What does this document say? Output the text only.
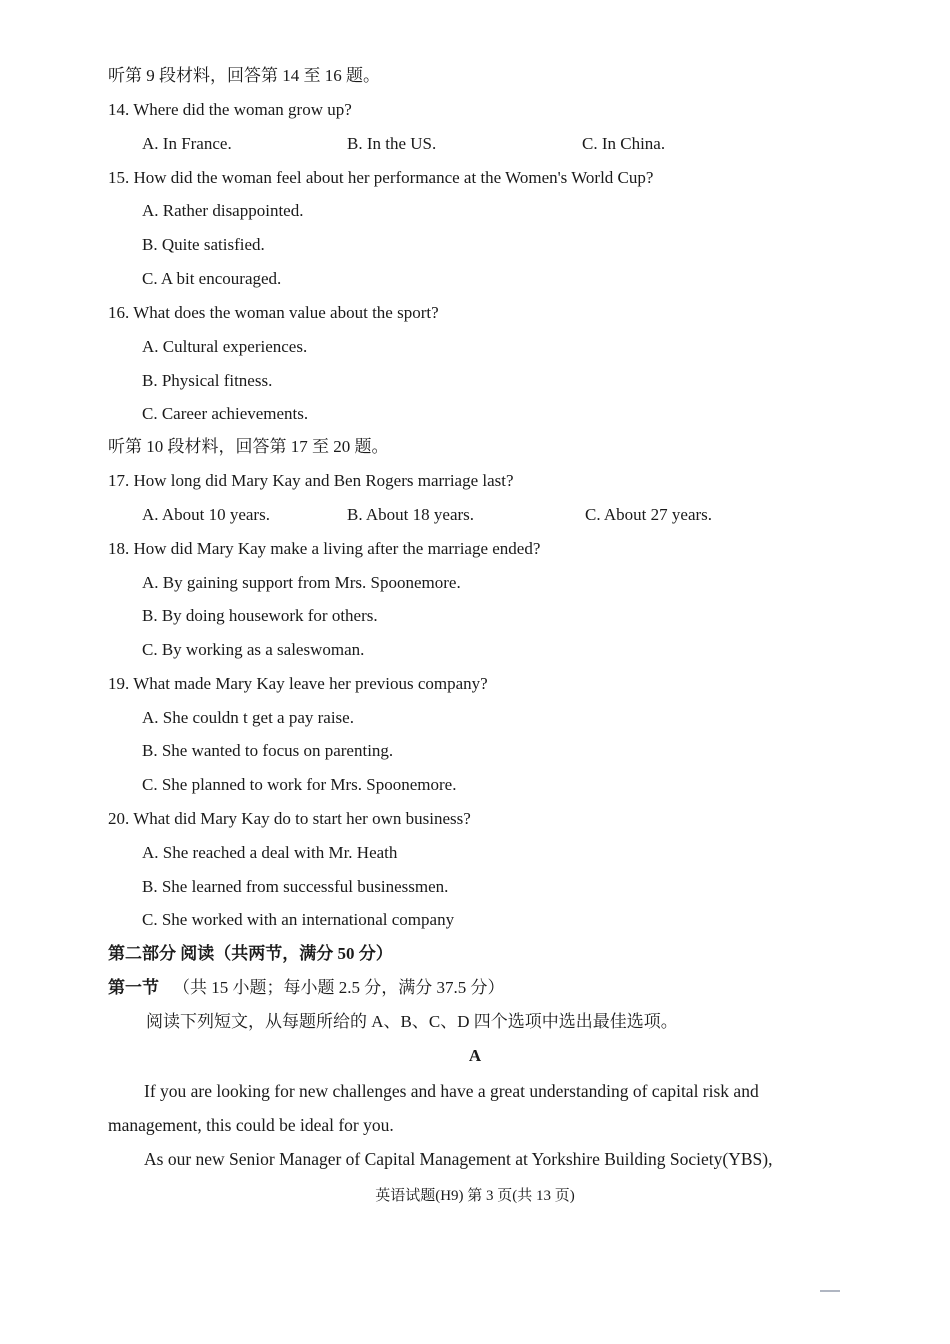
听第 9 段材料，回答第 14 至 16 题。
14. Where did the woman grow up?
A. In France.	B. In the US.	C. In China.
15. How did the woman feel about her performance at the Women's World Cup?
A. Rather disappointed.
B. Quite satisfied.
C. A bit encouraged.
16. What does the woman value about the sport?
A. Cultural experiences.
B. Physical fitness.
C. Career achievements.
听第 10 段材料，回答第 17 至 20 题。
17. How long did Mary Kay and Ben Rogers marriage last?
A. About 10 years.	B. About 18 years.	C. About 27 years.
18. How did Mary Kay make a living after the marriage ended?
A. By gaining support from Mrs. Spoonemore.
B. By doing housework for others.
C. By working as a saleswoman.
19. What made Mary Kay leave her previous company?
A. She couldn t get a pay raise.
B. She wanted to focus on parenting.
C. She planned to work for Mrs. Spoonemore.
20. What did Mary Kay do to start her own business?
A. She reached a deal with Mr. Heath
B. She learned from successful businessmen.
C. She worked with an international company
第二部分 阅读（共两节，满分 50 分）
第一节 （共 15 小题；每小题 2.5 分，满分 37.5 分）
阅读下列短文，从每题所给的 A、B、C、D 四个选项中选出最佳选项。
A
If you are looking for new challenges and have a great understanding of capital risk and management, this could be ideal for you.
As our new Senior Manager of Capital Management at Yorkshire Building Society(YBS),
英语试题(H9) 第 3 页(共 13 页)
